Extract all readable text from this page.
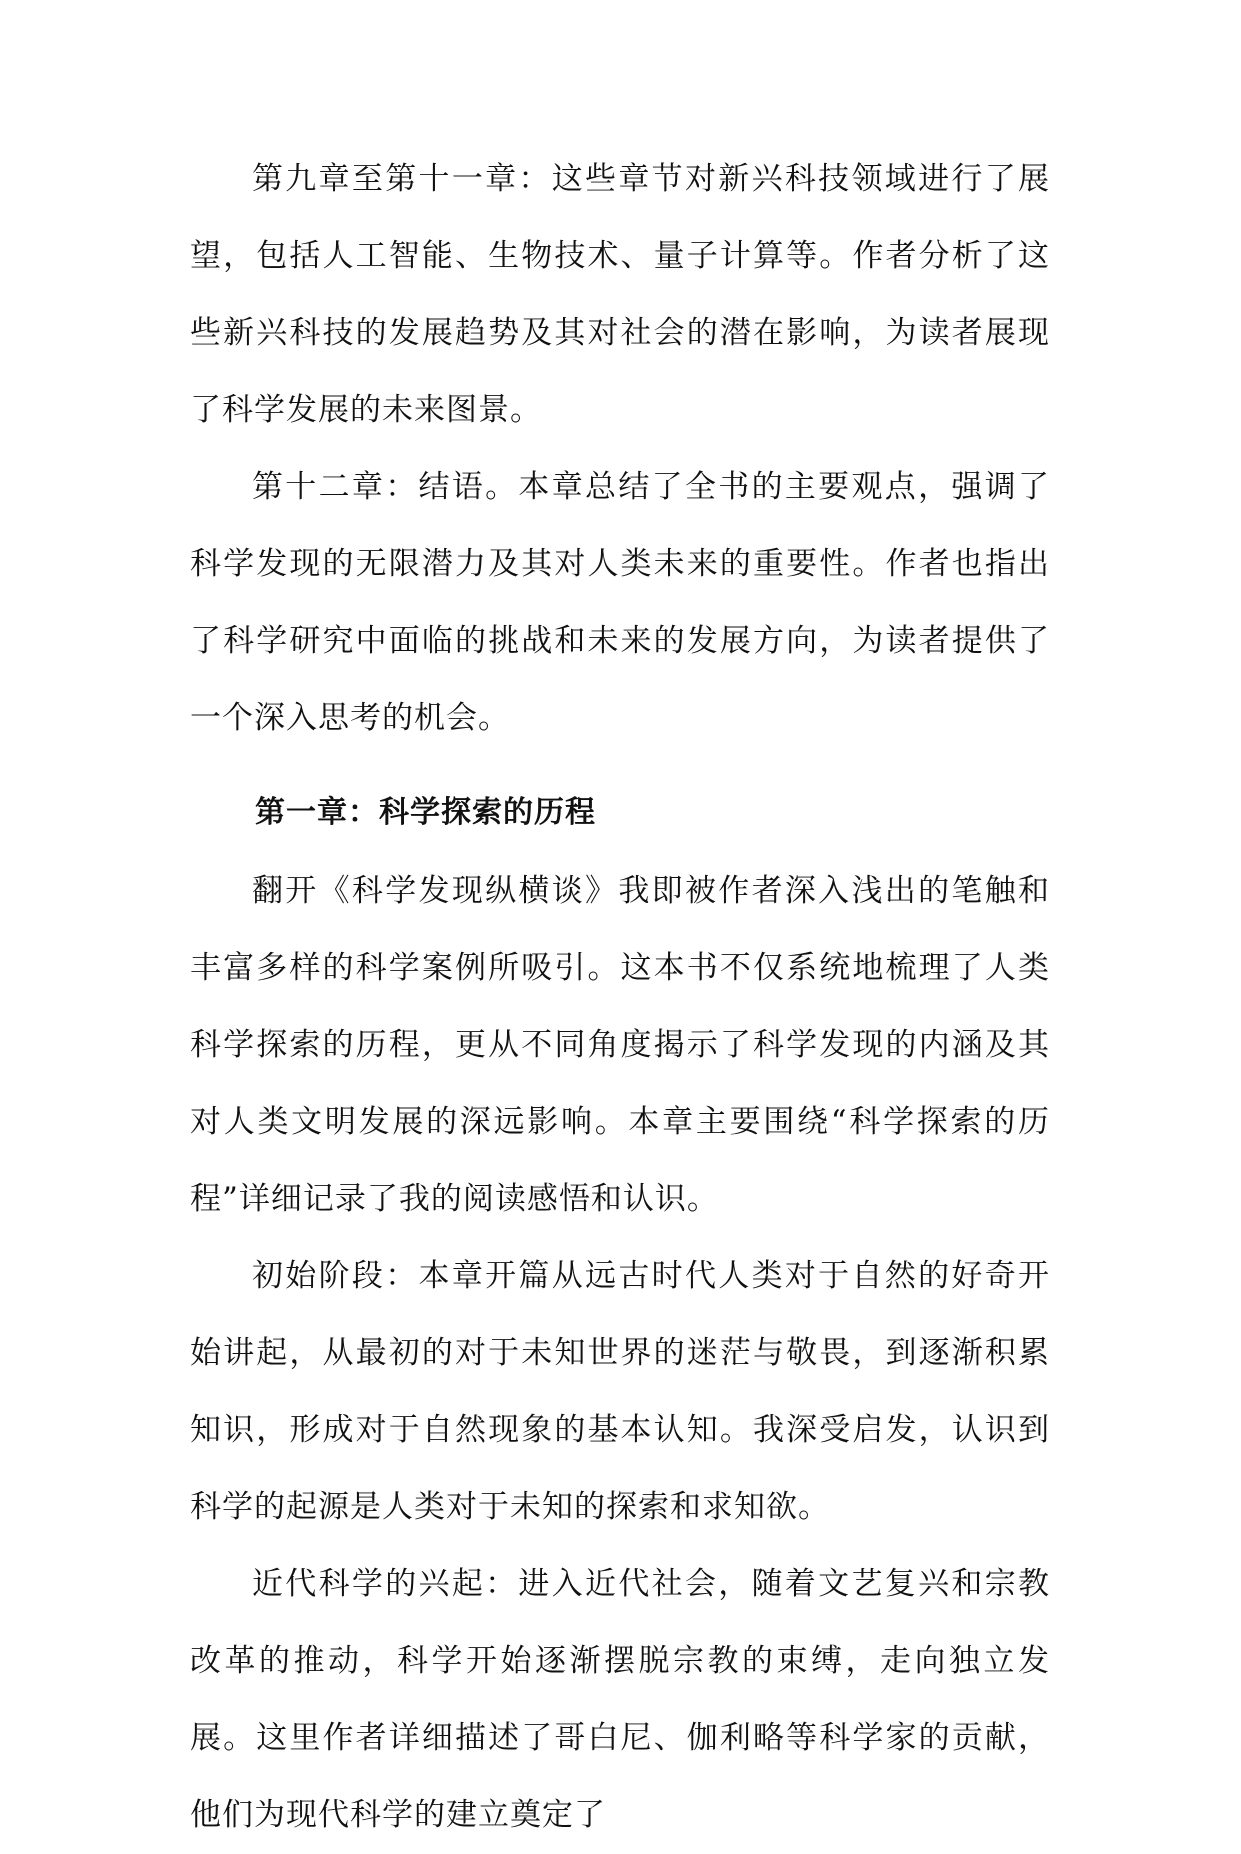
第九章至第十一章：这些章节对新兴科技领域进行了展望，包括人工智能、生物技术、量子计算等。作者分析了这些新兴科技的发展趋势及其对社会的潜在影响，为读者展现了科学发展的未来图景。

第十二章：结语。本章总结了全书的主要观点，强调了科学发现的无限潜力及其对人类未来的重要性。作者也指出了科学研究中面临的挑战和未来的发展方向，为读者提供了一个深入思考的机会。

第一章：科学探索的历程

翻开《科学发现纵横谈》我即被作者深入浅出的笔触和丰富多样的科学案例所吸引。这本书不仅系统地梳理了人类科学探索的历程，更从不同角度揭示了科学发现的内涵及其对人类文明发展的深远影响。本章主要围绕“科学探索的历程”详细记录了我的阅读感悟和认识。

初始阶段：本章开篇从远古时代人类对于自然的好奇开始讲起，从最初的对于未知世界的迷茫与敬畏，到逐渐积累知识，形成对于自然现象的基本认知。我深受启发，认识到科学的起源是人类对于未知的探索和求知欲。

近代科学的兴起：进入近代社会，随着文艺复兴和宗教改革的推动，科学开始逐渐摆脱宗教的束缚，走向独立发展。这里作者详细描述了哥白尼、伽利略等科学家的贡献，他们为现代科学的建立奠定了
